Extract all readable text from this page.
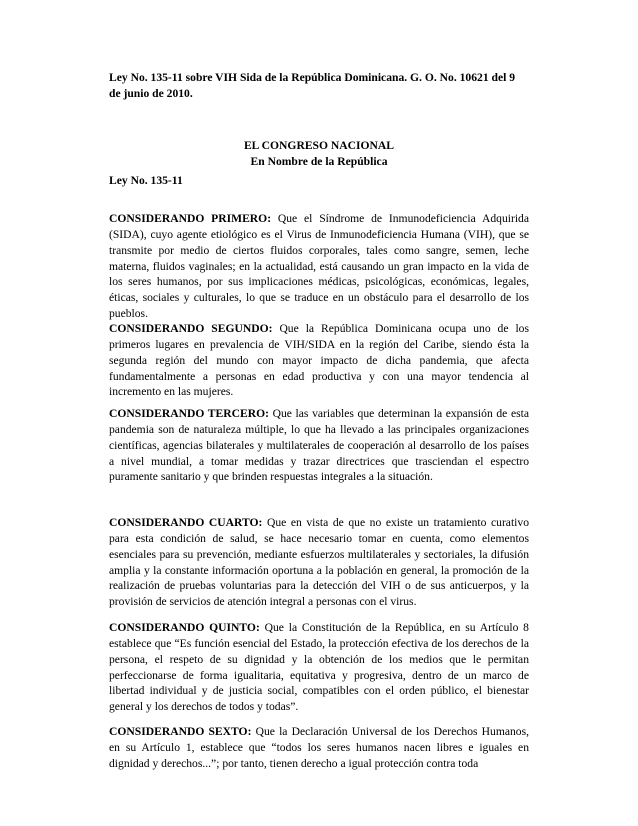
Ley No. 135-11 sobre VIH Sida de la República Dominicana. G. O. No. 10621 del 9 de junio de 2010.

EL CONGRESO NACIONAL
En Nombre de la República

Ley No. 135-11

CONSIDERANDO PRIMERO: Que el Síndrome de Inmunodeficiencia Adquirida (SIDA), cuyo agente etiológico es el Virus de Inmunodeficiencia Humana (VIH), que se transmite por medio de ciertos fluidos corporales, tales como sangre, semen, leche materna, fluidos vaginales; en la actualidad, está causando un gran impacto en la vida de los seres humanos, por sus implicaciones médicas, psicológicas, económicas, legales, éticas, sociales y culturales, lo que se traduce en un obstáculo para el desarrollo de los pueblos.

CONSIDERANDO SEGUNDO: Que la República Dominicana ocupa uno de los primeros lugares en prevalencia de VIH/SIDA en la región del Caribe, siendo ésta la segunda región del mundo con mayor impacto de dicha pandemia, que afecta fundamentalmente a personas en edad productiva y con una mayor tendencia al incremento en las mujeres.

CONSIDERANDO TERCERO: Que las variables que determinan la expansión de esta pandemia son de naturaleza múltiple, lo que ha llevado a las principales organizaciones científicas, agencias bilaterales y multilaterales de cooperación al desarrollo de los países a nivel mundial, a tomar medidas y trazar directrices que trasciendan el espectro puramente sanitario y que brinden respuestas integrales a la situación.

CONSIDERANDO CUARTO: Que en vista de que no existe un tratamiento curativo para esta condición de salud, se hace necesario tomar en cuenta, como elementos esenciales para su prevención, mediante esfuerzos multilaterales y sectoriales, la difusión amplia y la constante información oportuna a la población en general, la promoción de la realización de pruebas voluntarias para la detección del VIH o de sus anticuerpos, y la provisión de servicios de atención integral a personas con el virus.

CONSIDERANDO QUINTO: Que la Constitución de la República, en su Artículo 8 establece que “Es función esencial del Estado, la protección efectiva de los derechos de la persona, el respeto de su dignidad y la obtención de los medios que le permitan perfeccionarse de forma igualitaria, equitativa y progresiva, dentro de un marco de libertad individual y de justicia social, compatibles con el orden público, el bienestar general y los derechos de todos y todas”.

CONSIDERANDO SEXTO: Que la Declaración Universal de los Derechos Humanos, en su Artículo 1, establece que “todos los seres humanos nacen libres e iguales en dignidad y derechos...”; por tanto, tienen derecho a igual protección contra toda
